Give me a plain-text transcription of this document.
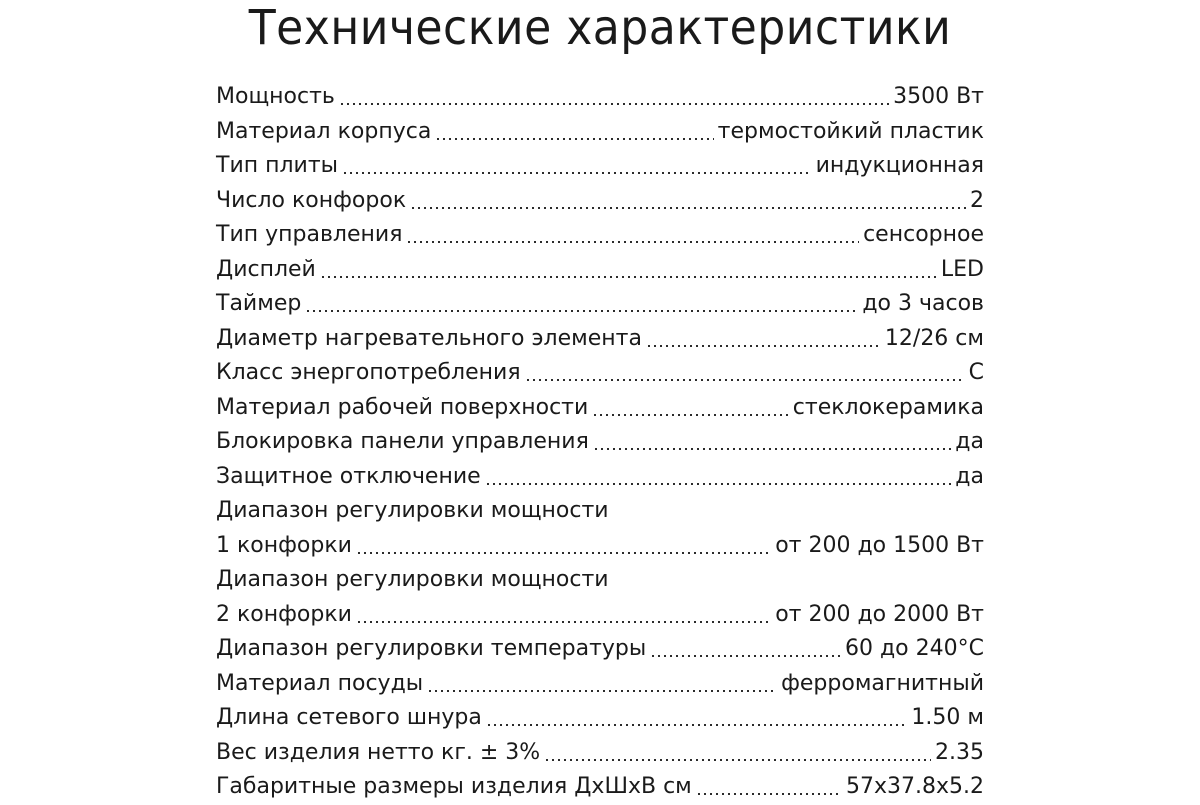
Технические характеристики
Мощность	3500 Вт
Материал корпуса	термостойкий пластик
Тип плиты	индукционная
Число конфорок	2
Тип управления	сенсорное
Дисплей	LED
Таймер	до 3 часов
Диаметр нагревательного элемента	12/26 см
Класс энергопотребления	С
Материал рабочей поверхности	стеклокерамика
Блокировка панели управления	да
Защитное отключение	да
Диапазон регулировки мощности
1 конфорки	от 200 до 1500 Вт
Диапазон регулировки мощности
2 конфорки	от 200 до 2000 Вт
Диапазон регулировки температуры	60 до 240°С
Материал посуды	ферромагнитный
Длина сетевого шнура	1.50 м
Вес изделия нетто кг. ± 3%	2.35
Габаритные размеры изделия ДхШхВ см	57х37.8х5.2
